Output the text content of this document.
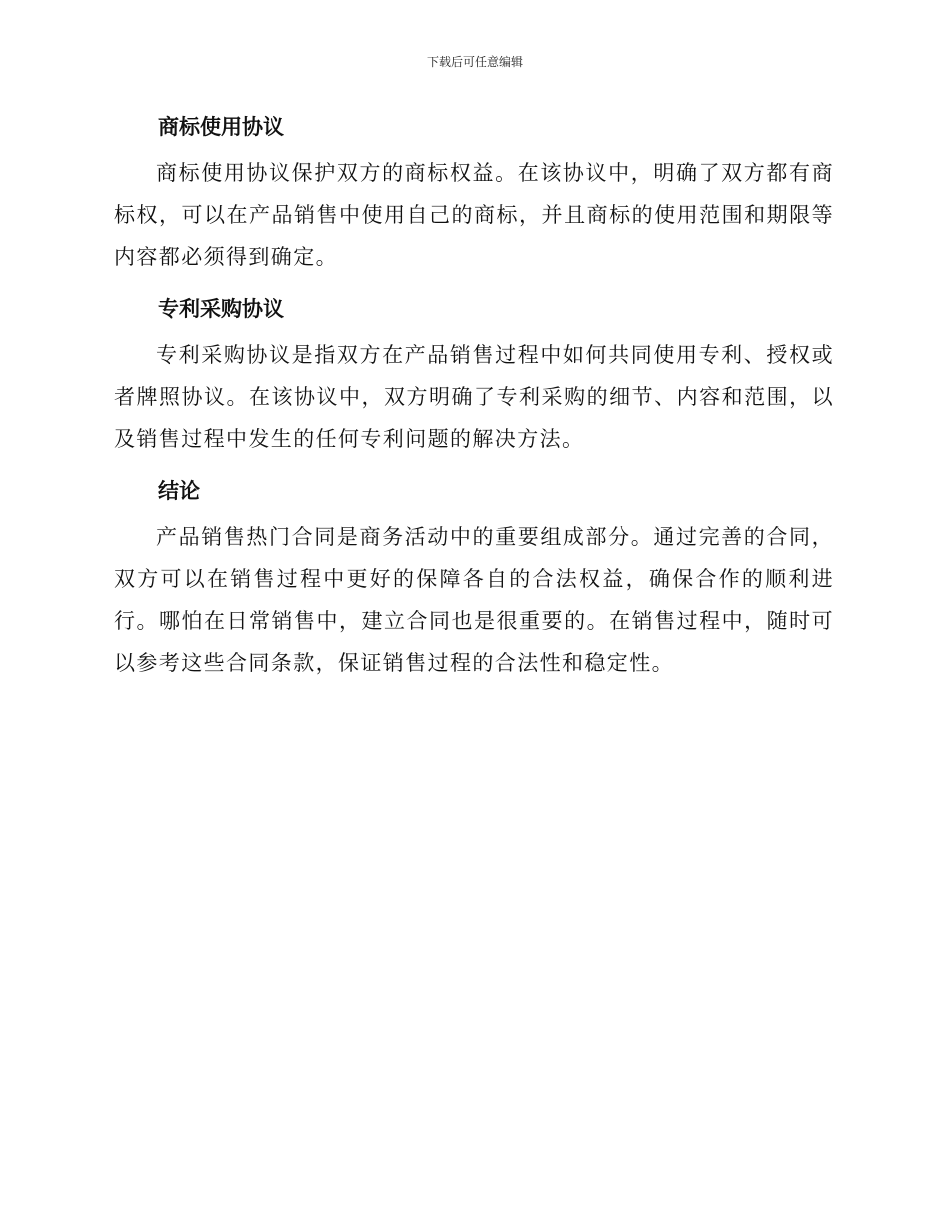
下载后可任意编辑
商标使用协议

商标使用协议保护双方的商标权益。在该协议中，明确了双方都有商标权，可以在产品销售中使用自己的商标，并且商标的使用范围和期限等内容都必须得到确定。

专利采购协议

专利采购协议是指双方在产品销售过程中如何共同使用专利、授权或者牌照协议。在该协议中，双方明确了专利采购的细节、内容和范围，以及销售过程中发生的任何专利问题的解决方法。

结论

产品销售热门合同是商务活动中的重要组成部分。通过完善的合同，双方可以在销售过程中更好的保障各自的合法权益，确保合作的顺利进行。哪怕在日常销售中，建立合同也是很重要的。在销售过程中，随时可以参考这些合同条款，保证销售过程的合法性和稳定性。
